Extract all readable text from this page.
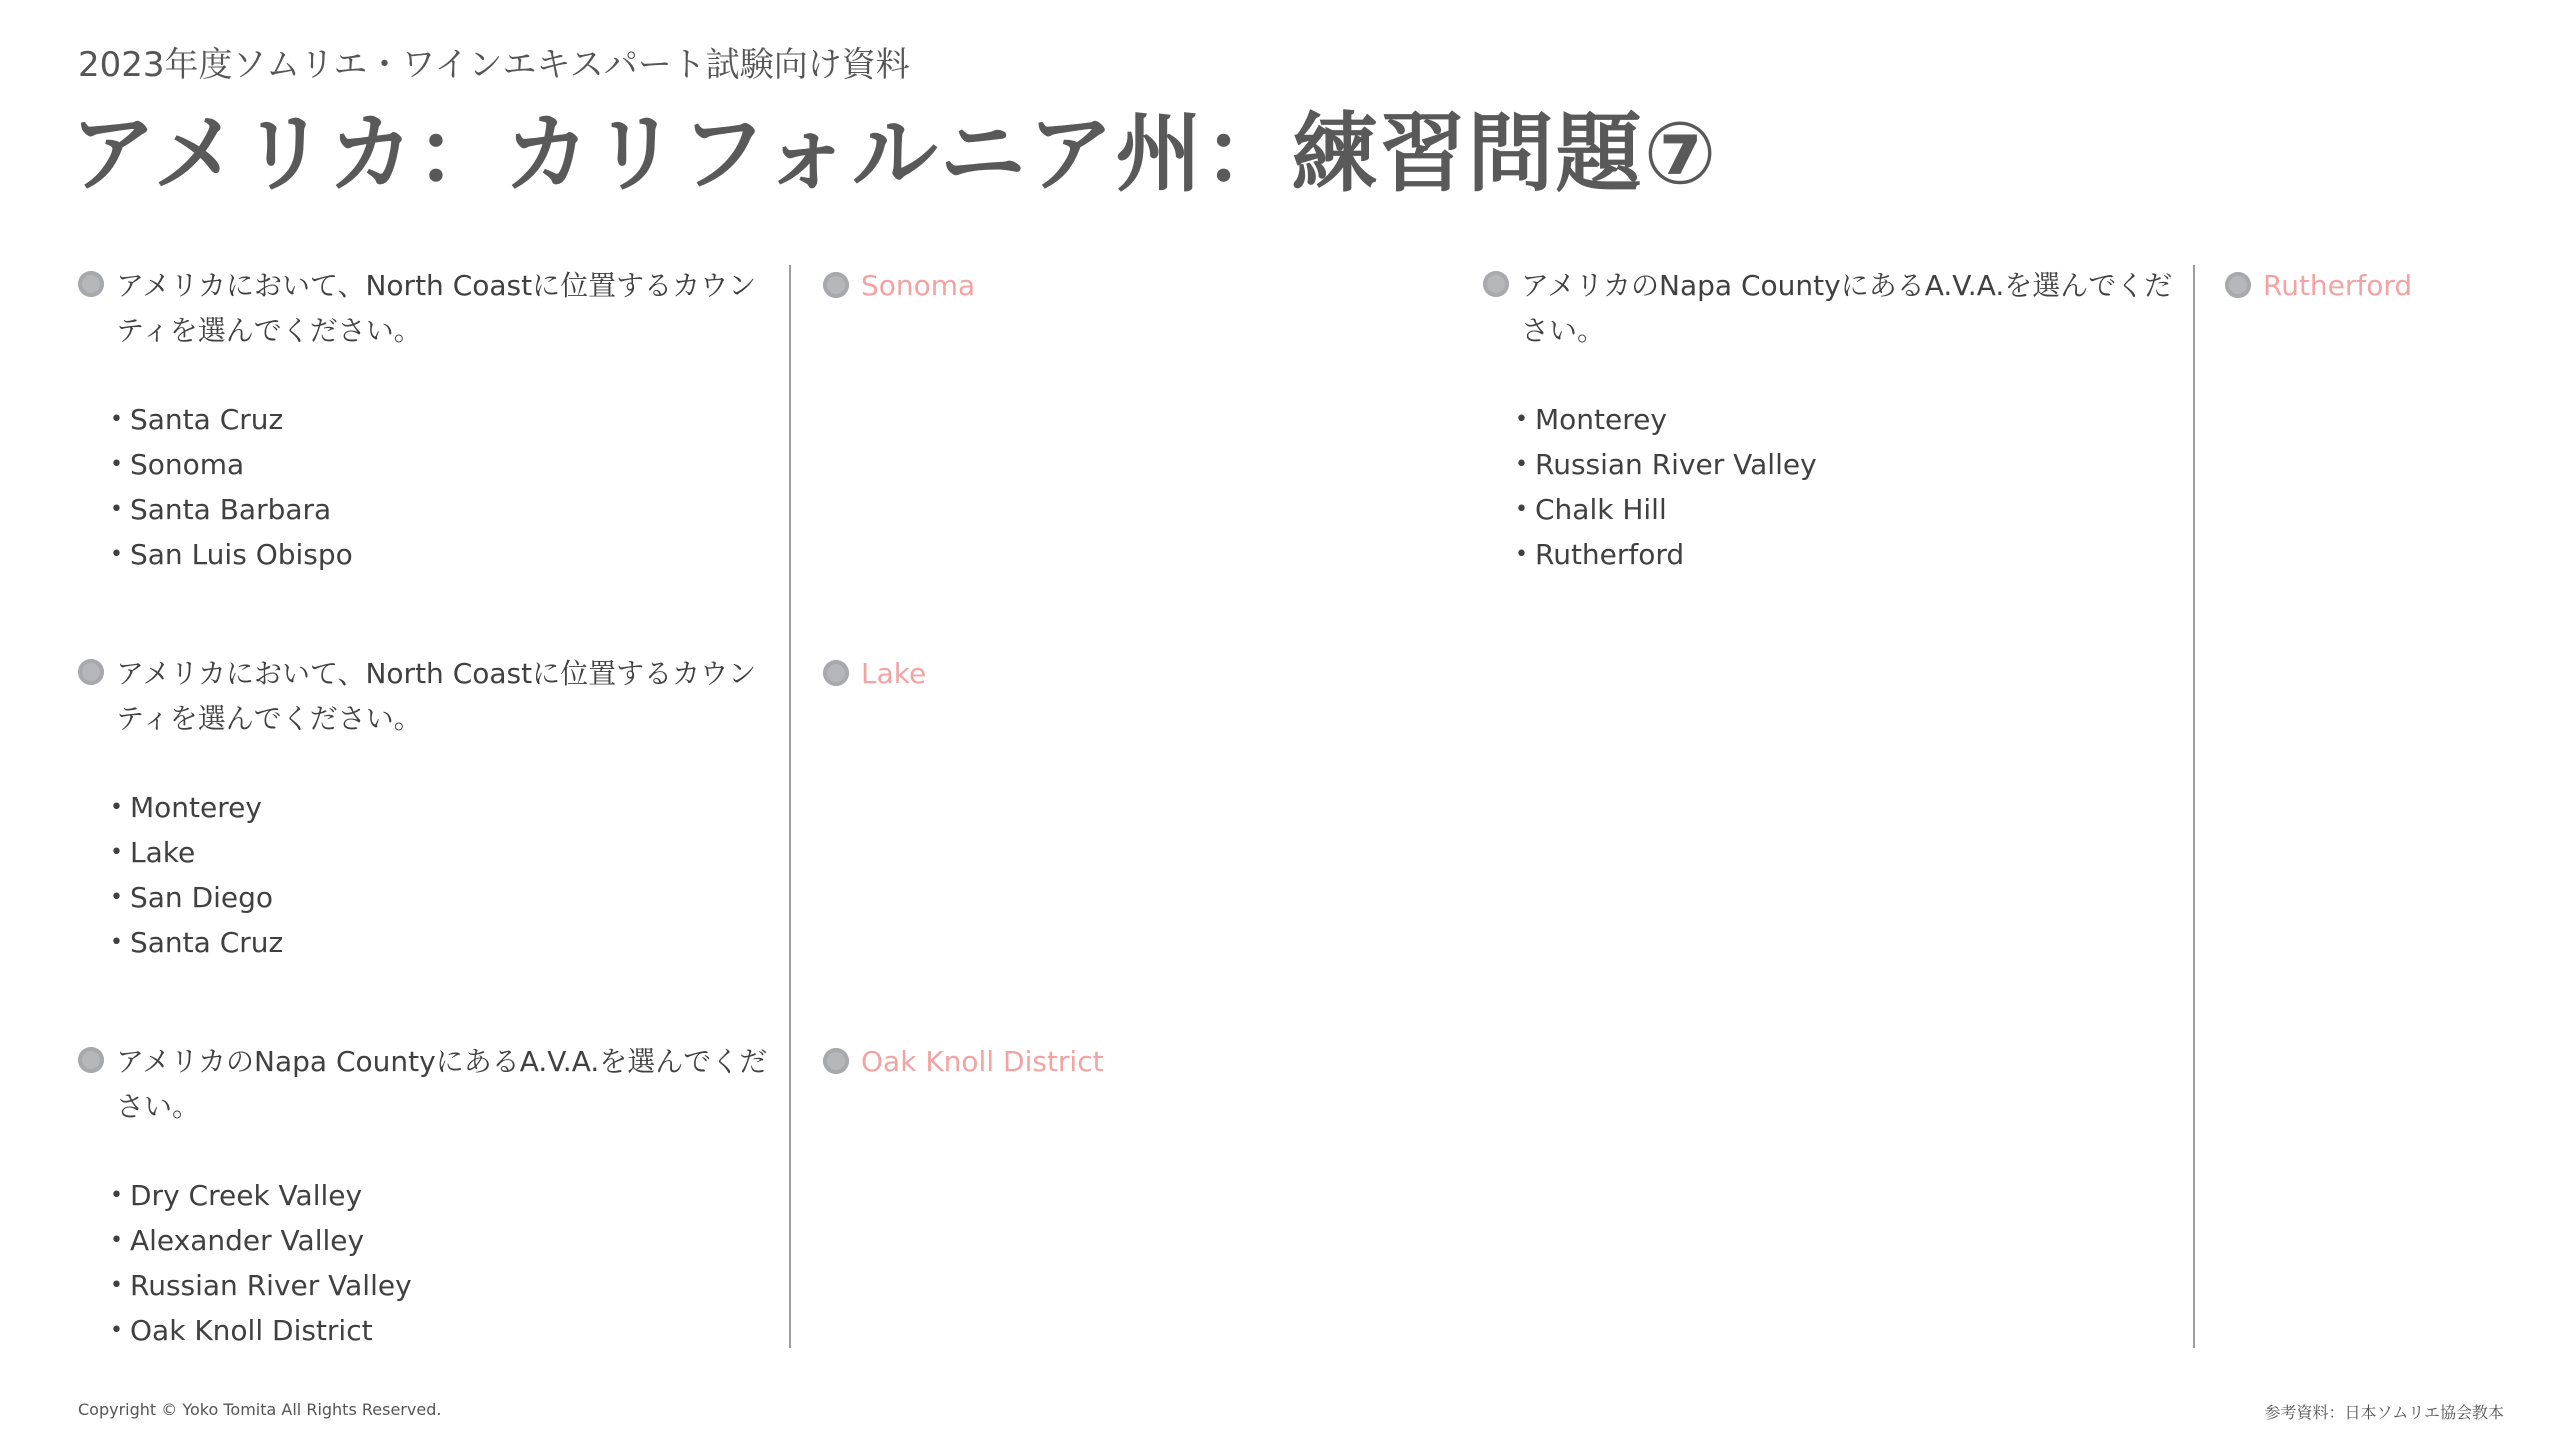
2023年度ソムリエ・ワインエキスパート試験向け資料
アメリカ：カリフォルニア州：練習問題⑦
アメリカにおいて、North Coastに位置するカウンティを選んでください。
• Santa Cruz
• Sonoma
• Santa Barbara
• San Luis Obispo
Sonoma
アメリカにおいて、North Coastに位置するカウンティを選んでください。
• Monterey
• Lake
• San Diego
• Santa Cruz
Lake
アメリカのNapa CountyにあるA.V.A.を選んでください。
• Dry Creek Valley
• Alexander Valley
• Russian River Valley
• Oak Knoll District
Oak Knoll District
アメリカのNapa CountyにあるA.V.A.を選んでください。
• Monterey
• Russian River Valley
• Chalk Hill
• Rutherford
Rutherford
Copyright © Yoko Tomita All Rights Reserved.	参考資料：日本ソムリエ協会教本
